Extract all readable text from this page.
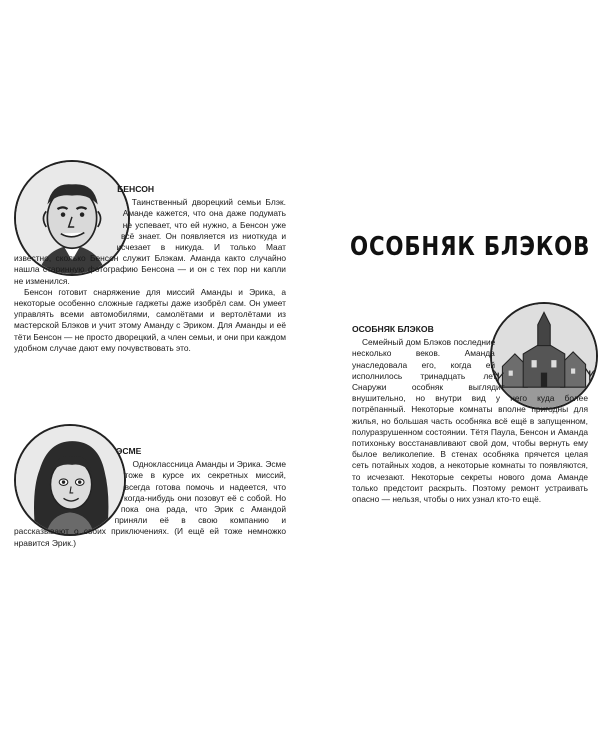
БЕНСОН

Таинственный дворецкий семьи Блэк. Аманде кажется, что она даже подумать не успевает, что ей нужно, а Бенсон уже всё знает. Он появляется из ниоткуда и исчезает в никуда. И только Маат известно, сколько Бенсон служит Блэкам. Аманда както случайно нашла старинную фотографию Бенсона — и он с тех пор ни капли не изменился.

Бенсон готовит снаряжение для миссий Аманды и Эрика, а некоторые особенно сложные гаджеты даже изобрёл сам. Он умеет управлять всеми автомобилями, самолётами и вертолётами из мастерской Блэков и учит этому Аманду с Эриком. Для Аманды и её тёти Бенсон — не просто дворецкий, а член семьи, и они при каждом удобном случае дают ему почувствовать это.

ЭСМЕ

Одноклассница Аманды и Эрика. Эсме тоже в курсе их секретных миссий, всегда готова помочь и надеется, что когда-нибудь они позовут её с собой. Но пока она рада, что Эрик с Амандой приняли её в свою компанию и рассказывают о своих приключениях. (И ещё ей тоже немножко нравится Эрик.)

ОСОБНЯК БЛЭКОВ
ОСОБНЯК БЛЭКОВ

Семейный дом Блэков последние несколько веков. Аманда унаследовала его, когда ей исполнилось тринадцать лет. Снаружи особняк выглядит внушительно, но внутри вид у него куда более потрёпанный. Некоторые комнаты вполне пригодны для жилья, но большая часть особняка всё ещё в запущенном, полуразрушенном состоянии. Тётя Паула, Бенсон и Аманда потихоньку восстанавливают свой дом, чтобы вернуть ему былое великолепие. В стенах особняка прячется целая сеть потайных ходов, а некоторые комнаты то появляются, то исчезают. Некоторые секреты нового дома Аманде только предстоит раскрыть. Поэтому ремонт устраивать опасно — нельзя, чтобы о них узнал кто-то ещё.
